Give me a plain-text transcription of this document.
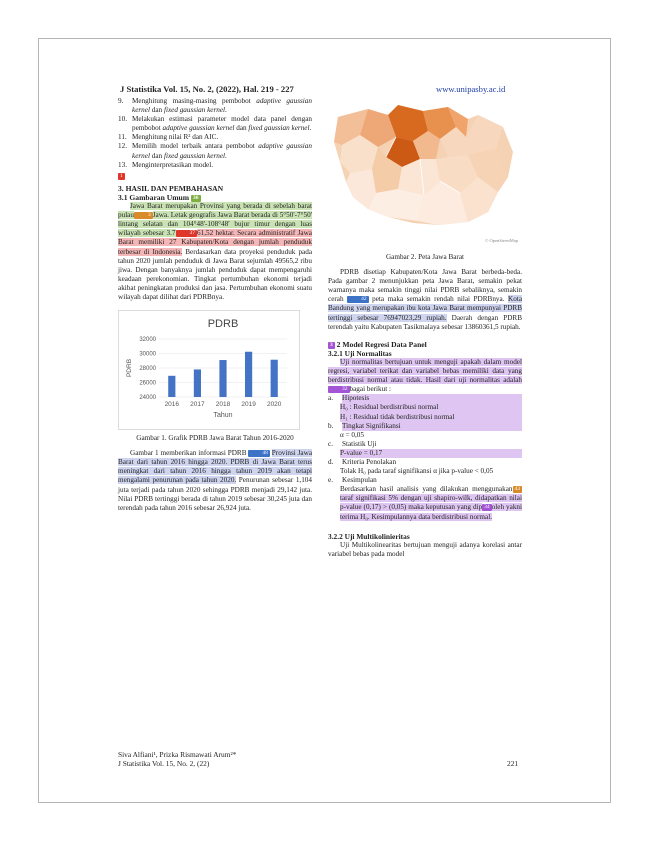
J Statistika Vol. 15, No. 2, (2022), Hal. 219 - 227	www.unipasby.ac.id
9.	Menghitung masing-masing pembobot adaptive gaussian kernel dan fixed gaussian kernel.
10. Melakukan estimasi parameter model data panel dengan pembobot adaptive gaussian kernel dan fixed gaussian kernel.
11. Menghitung nilai R² dan AIC.
12. Memilih model terbaik antara pembobot adaptive gaussian kernel dan fixed gaussian kernel.
13. Menginterpretasikan model.
1
3. HASIL DAN PEMBAHASAN
3.1 Gambaran Umum 36

Jawa Barat merupakan Provinsi yang berada di sebelah barat pulau	3 Jawa. Letak geografis Jawa Barat berada di 5°50'-7°50' lintang selatan dan 104°48'-108°48' bujur timur dengan luas wilayah sebesar 3.7	37 61,52 hektar. Secara administratif Jawa Barat memiliki 27 Kabupaten/Kota dengan jumlah penduduk terbesar di Indonesia. Berdasarkan data proyeksi penduduk pada tahun 2020 jumlah penduduk di Jawa Barat sejumlah 49565,2 ribu jiwa. Dengan banyaknya jumlah penduduk dapat mempengaruhi keadaan perekonomian. Tingkat pertumbuhan ekonomi terjadi akibat peningkatan produksi dan jasa. Pertumbuhan ekonomi suatu wilayah dapat dilihat dari PDRBnya.

PDRB
32000
30000
28000
26000
24000
2016 2017 2018 2019 2020
Tahun
PDRB
Gambar 1. Grafik PDRB Jawa Barat Tahun 2016-2020

Gambar 1 memberikan informasi PDRB	48 Provinsi Jawa Barat dari tahun 2016 hingga 2020. PDRB di Jawa Barat terus meningkat dari tahun 2016 hingga tahun 2019 akan tetapi mengalami penurunan pada tahun 2020. Penurunan sebesar 1,104 juta terjadi pada tahun 2020 sehingga PDRB menjadi 29,142 juta. Nilai PDRB tertinggi berada di tahun 2019 sebesar 30,245 juta dan terendah pada tahun 2016 sebesar 26,924 juta.

© OpenStreetMap
Gambar 2. Peta Jawa Barat

PDRB disetiap Kabupaten/Kota Jawa Barat berbeda-beda. Pada gambar 2 menunjukkan peta Jawa Barat, semakin pekat warnanya maka semakin tinggi nilai PDRB sebaliknya, semakin cerah	42 peta maka semakin rendah nilai PDRBnya. Kota Bandung yang merupakan ibu kota Jawa Barat mempunyai PDRB tertinggi sebesar 76947023,29 rupiah. Daerah dengan PDRB terendah yaitu Kabupaten Tasikmalaya sebesar 13860361,5 rupiah.

3 2 Model Regresi Data Panel
3.2.1 Uji Normalitas

Uji normalitas bertujuan untuk menguji apakah dalam model regresi, variabel terikat dan variabel bebas memiliki data yang berdistribusi normal atau tidak. Hasil dari uji normalitas adalah 32 bagai berikut :

a.	Hipotesis
H₀ : Residual berdistribusi normal
H₁ : Residual tidak berdistribusi normal
b.	Tingkat Signifikansi
α = 0,05
c.	Statistik Uji
P-value = 0,17
d.	Kriteria Penolakan
Tolak H₀ pada taraf signifikansi α jika p-value < 0,05
e.	Kesimpulan
Berdasarkan hasil analisis yang dilakukan menggunakan 43taraf signifikasi 5% dengan uji shapiro-wilk, didapatkan nilai p-value (0,17) > (0,05) maka keputusan yang dip 34 oleh yakni terima H₀. Kesimpulannya data berdistribusi normal.
3.2.2 Uji Multikolinieritas

Uji Multikolinearitas bertujuan menguji adanya korelasi antar variabel bebas pada model

Siva Alfiani¹, Prizka Rismawati Arum²*
J Statistika Vol. 15, No. 2, (22)	221
